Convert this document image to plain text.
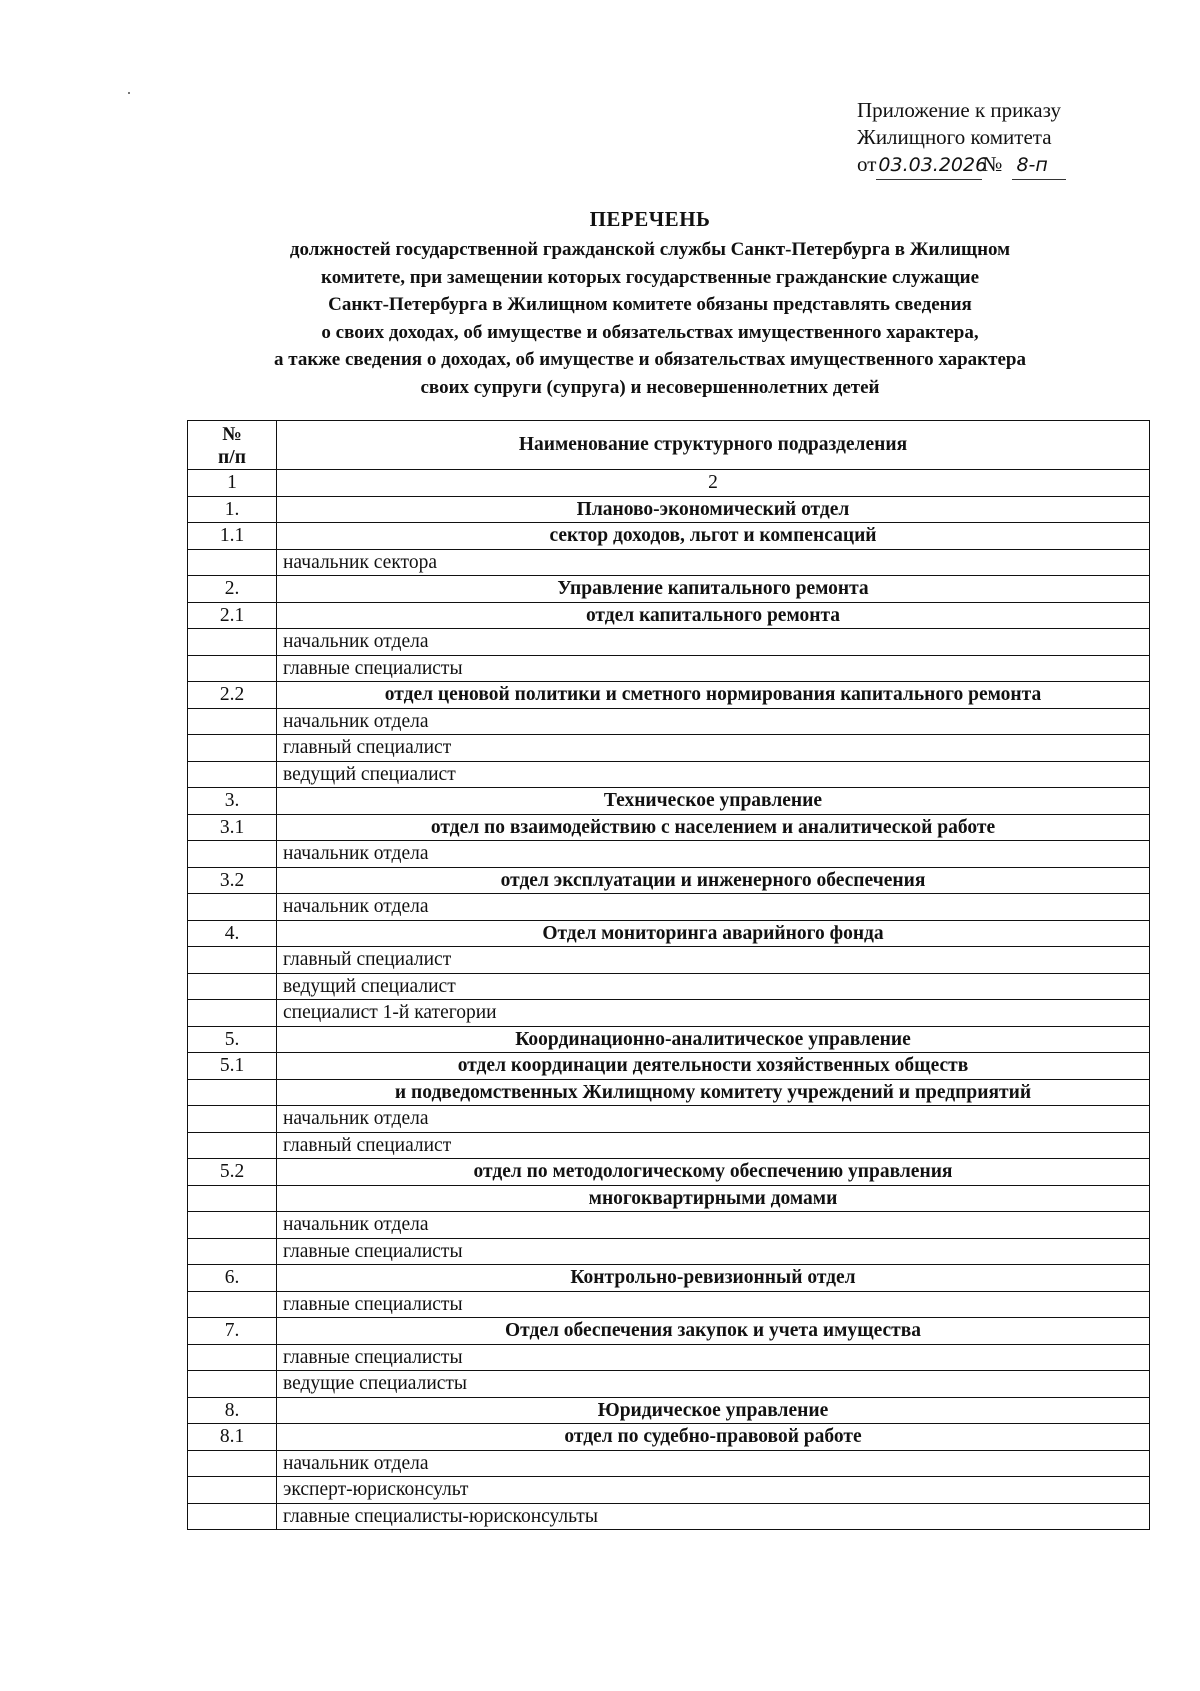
Приложение к приказу
Жилищного комитета
от 03.03.2026№ 8-п
ПЕРЕЧЕНЬ
должностей государственной гражданской службы Санкт-Петербурга в Жилищном
комитете, при замещении которых государственные гражданские служащие
Санкт-Петербурга в Жилищном комитете обязаны представлять сведения
о своих доходах, об имуществе и обязательствах имущественного характера,
а также сведения о доходах, об имуществе и обязательствах имущественного характера
своих супруги (супруга) и несовершеннолетних детей
№
п/п	Наименование структурного подразделения
1	2
1.	Планово-экономический отдел
1.1	сектор доходов, льгот и компенсаций
	начальник сектора
2.	Управление капитального ремонта
2.1	отдел капитального ремонта
	начальник отдела
	главные специалисты
2.2	отдел ценовой политики и сметного нормирования капитального ремонта
	начальник отдела
	главный специалист
	ведущий специалист
3.	Техническое управление
3.1	отдел по взаимодействию с населением и аналитической работе
	начальник отдела
3.2	отдел эксплуатации и инженерного обеспечения
	начальник отдела
4.	Отдел мониторинга аварийного фонда
	главный специалист
	ведущий специалист
	специалист 1-й категории
5.	Координационно-аналитическое управление
5.1	отдел координации деятельности хозяйственных обществ
	и подведомственных Жилищному комитету учреждений и предприятий
	начальник отдела
	главный специалист
5.2	отдел по методологическому обеспечению управления
	многоквартирными домами
	начальник отдела
	главные специалисты
6.	Контрольно-ревизионный отдел
	главные специалисты
7.	Отдел обеспечения закупок и учета имущества
	главные специалисты
	ведущие специалисты
8.	Юридическое управление
8.1	отдел по судебно-правовой работе
	начальник отдела
	эксперт-юрисконсульт
	главные специалисты-юрисконсульты
